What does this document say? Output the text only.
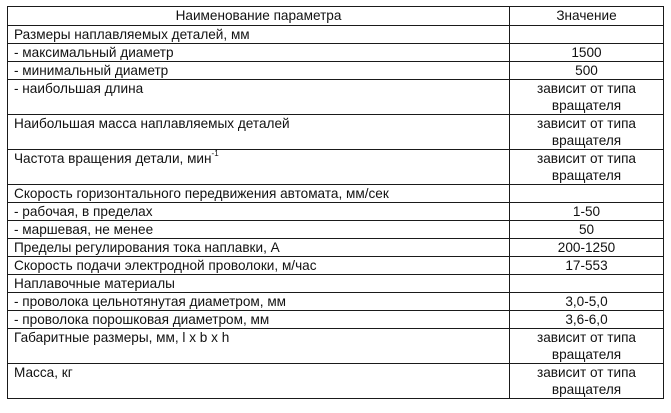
Наименование параметра	Значение
Размеры наплавляемых деталей, мм	
- максимальный диаметр	1500
- минимальный диаметр	500
- наибольшая длина	зависит от типа вращателя

Наибольшая масса наплавляемых деталей	зависит от типа вращателя

Частота вращения детали, мин$^{-1}$	зависит от типа вращателя

Скорость горизонтального передвижения автомата, мм/сек	
- рабочая, в пределах	1-50
- маршевая, не менее	50
Пределы регулирования тока наплавки, А	200-1250
Скорость подачи электродной проволоки, м/час	17-553
Наплавочные материалы	
- проволока цельнотянутая диаметром, мм	3,0-5,0
- проволока порошковая диаметром, мм	3,6-6,0
Габаритные размеры, мм, l x b x h	зависит от типа вращателя

Масса, кг	зависит от типа вращателя
